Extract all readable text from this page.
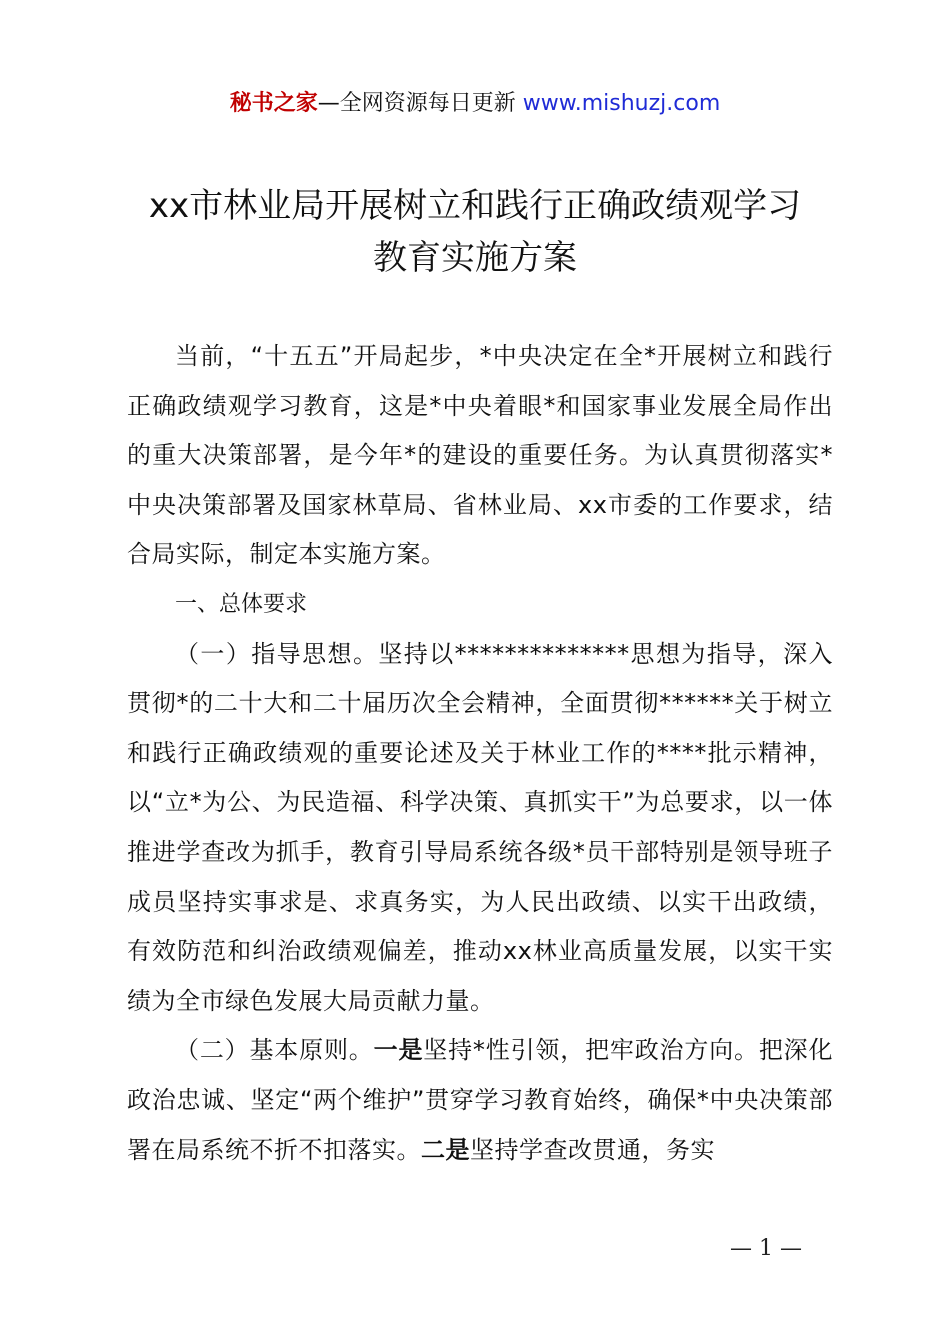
秘书之家—全网资源每日更新 www.mishuzj.com
xx市林业局开展树立和践行正确政绩观学习
教育实施方案

当前，“十五五”开局起步，*中央决定在全*开展树立和践行正确政绩观学习教育，这是*中央着眼*和国家事业发展全局作出的重大决策部署，是今年*的建设的重要任务。为认真贯彻落实*中央决策部署及国家林草局、省林业局、xx市委的工作要求，结合局实际，制定本实施方案。

一、总体要求

（一）指导思想。坚持以**************思想为指导，深入贯彻*的二十大和二十届历次全会精神，全面贯彻******关于树立和践行正确政绩观的重要论述及关于林业工作的****批示精神，以“立*为公、为民造福、科学决策、真抓实干”为总要求，以一体推进学查改为抓手，教育引导局系统各级*员干部特别是领导班子成员坚持实事求是、求真务实，为人民出政绩、以实干出政绩，有效防范和纠治政绩观偏差，推动xx林业高质量发展，以实干实绩为全市绿色发展大局贡献力量。

（二）基本原则。一是坚持*性引领，把牢政治方向。把深化政治忠诚、坚定“两个维护”贯穿学习教育始终，确保*中央决策部署在局系统不折不扣落实。二是坚持学查改贯通，务实

— 1 —
